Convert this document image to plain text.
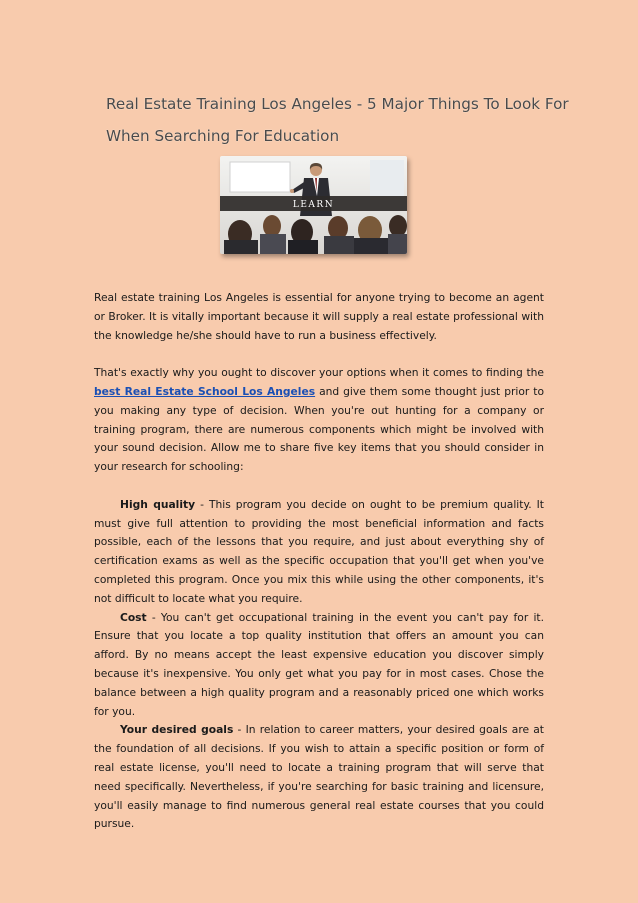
Real Estate Training Los Angeles - 5 Major Things To Look For
When Searching For Education
LEARN

Real estate training Los Angeles is essential for anyone trying to become an agent or Broker. It is vitally important because it will supply a real estate professional with the knowledge he/she should have to run a business effectively.

That's exactly why you ought to discover your options when it comes to finding the best Real Estate School Los Angeles and give them some thought just prior to you making any type of decision. When you're out hunting for a company or training program, there are numerous components which might be involved with your sound decision. Allow me to share five key items that you should consider in your research for schooling:

High quality - This program you decide on ought to be premium quality. It must give full attention to providing the most beneficial information and facts possible, each of the lessons that you require, and just about everything shy of certification exams as well as the specific occupation that you'll get when you've completed this program. Once you mix this while using the other components, it's not difficult to locate what you require.

Cost - You can't get occupational training in the event you can't pay for it. Ensure that you locate a top quality institution that offers an amount you can afford. By no means accept the least expensive education you discover simply because it's inexpensive. You only get what you pay for in most cases. Chose the balance between a high quality program and a reasonably priced one which works for you.

Your desired goals - In relation to career matters, your desired goals are at the foundation of all decisions. If you wish to attain a specific position or form of real estate license, you'll need to locate a training program that will serve that need specifically. Nevertheless, if you're searching for basic training and licensure, you'll easily manage to find numerous general real estate courses that you could pursue.
